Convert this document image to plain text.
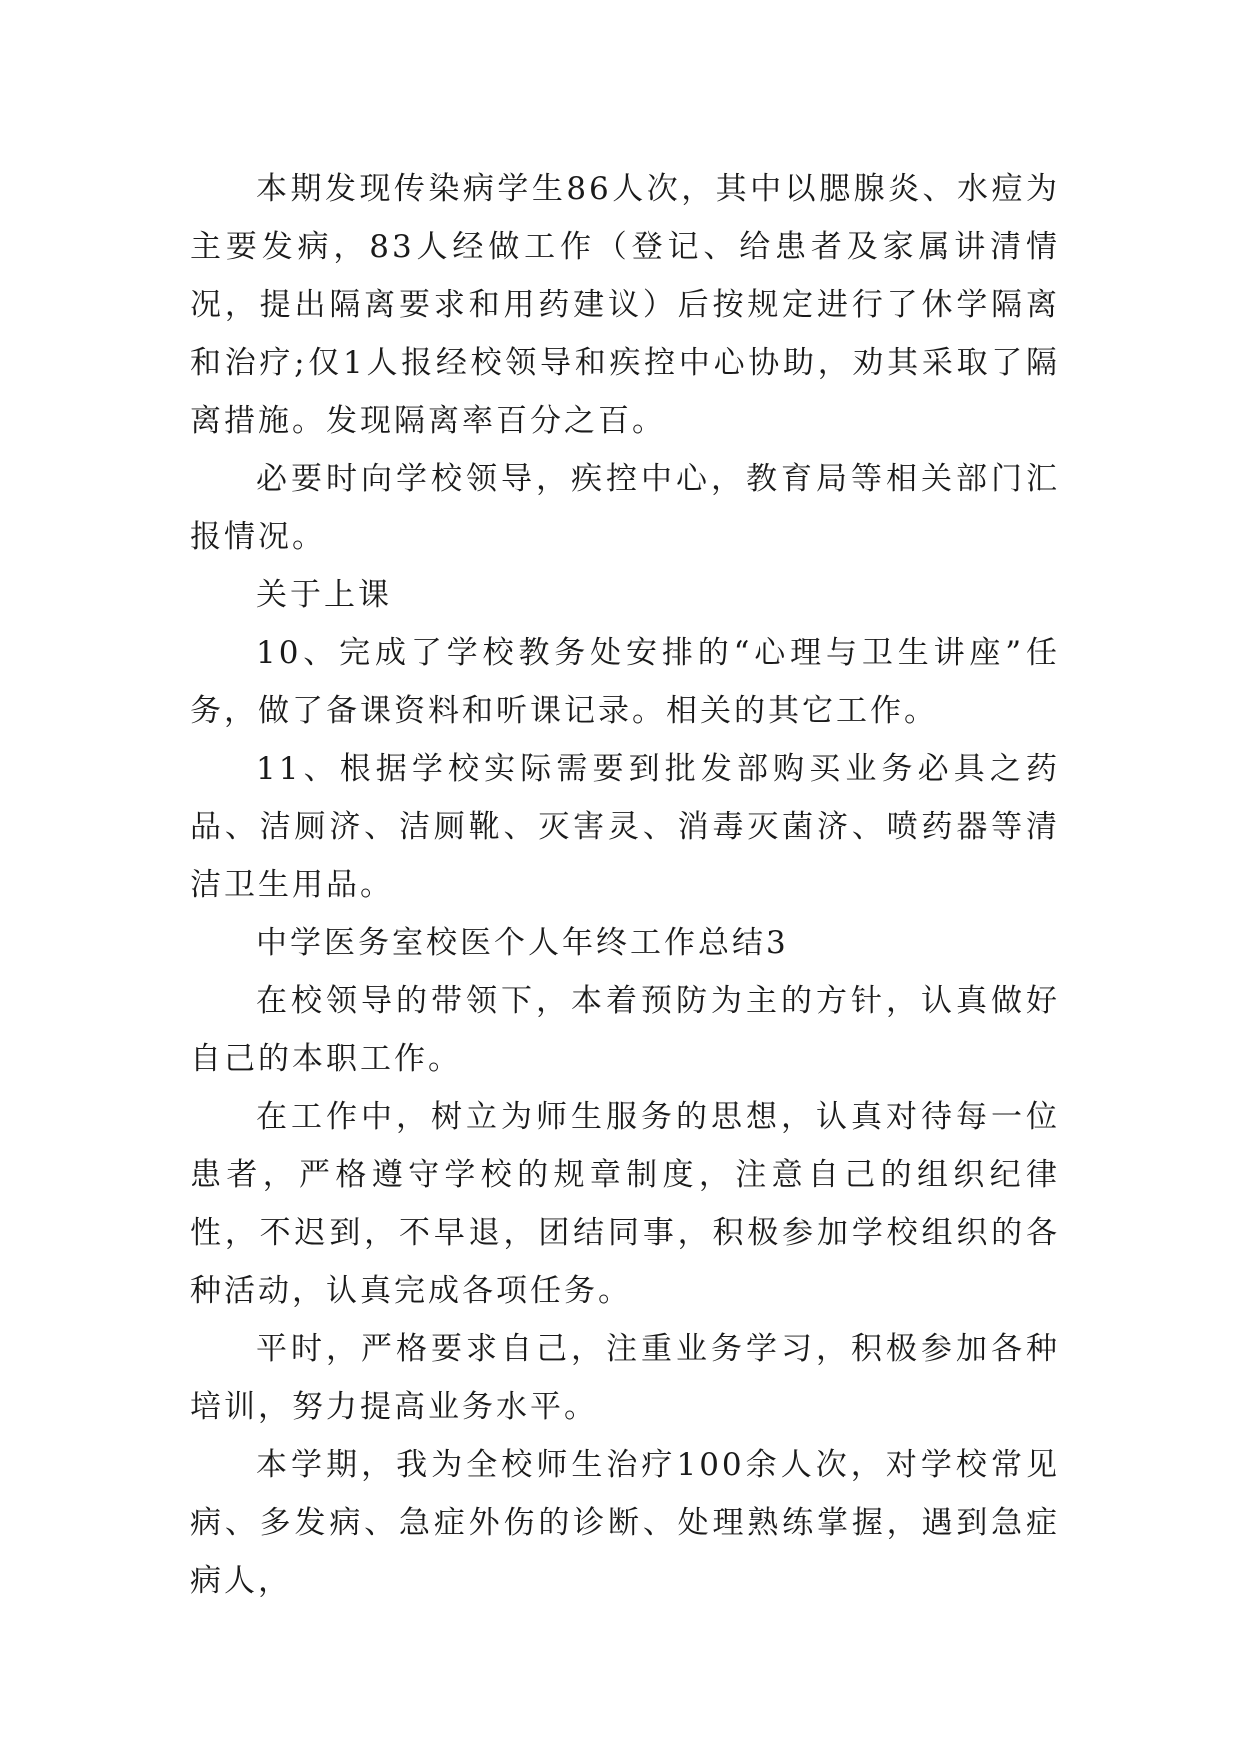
本期发现传染病学生86人次，其中以腮腺炎、水痘为主要发病，83人经做工作（登记、给患者及家属讲清情况，提出隔离要求和用药建议）后按规定进行了休学隔离和治疗;仅1人报经校领导和疾控中心协助，劝其采取了隔离措施。发现隔离率百分之百。

必要时向学校领导，疾控中心，教育局等相关部门汇报情况。

关于上课

10、完成了学校教务处安排的“心理与卫生讲座”任务，做了备课资料和听课记录。相关的其它工作。

11、根据学校实际需要到批发部购买业务必具之药品、洁厕济、洁厕靴、灭害灵、消毒灭菌济、喷药器等清洁卫生用品。

中学医务室校医个人年终工作总结3

在校领导的带领下，本着预防为主的方针，认真做好自己的本职工作。

在工作中，树立为师生服务的思想，认真对待每一位患者，严格遵守学校的规章制度，注意自己的组织纪律性，不迟到，不早退，团结同事，积极参加学校组织的各种活动，认真完成各项任务。

平时，严格要求自己，注重业务学习，积极参加各种培训，努力提高业务水平。

本学期，我为全校师生治疗100余人次，对学校常见病、多发病、急症外伤的诊断、处理熟练掌握，遇到急症病人，
